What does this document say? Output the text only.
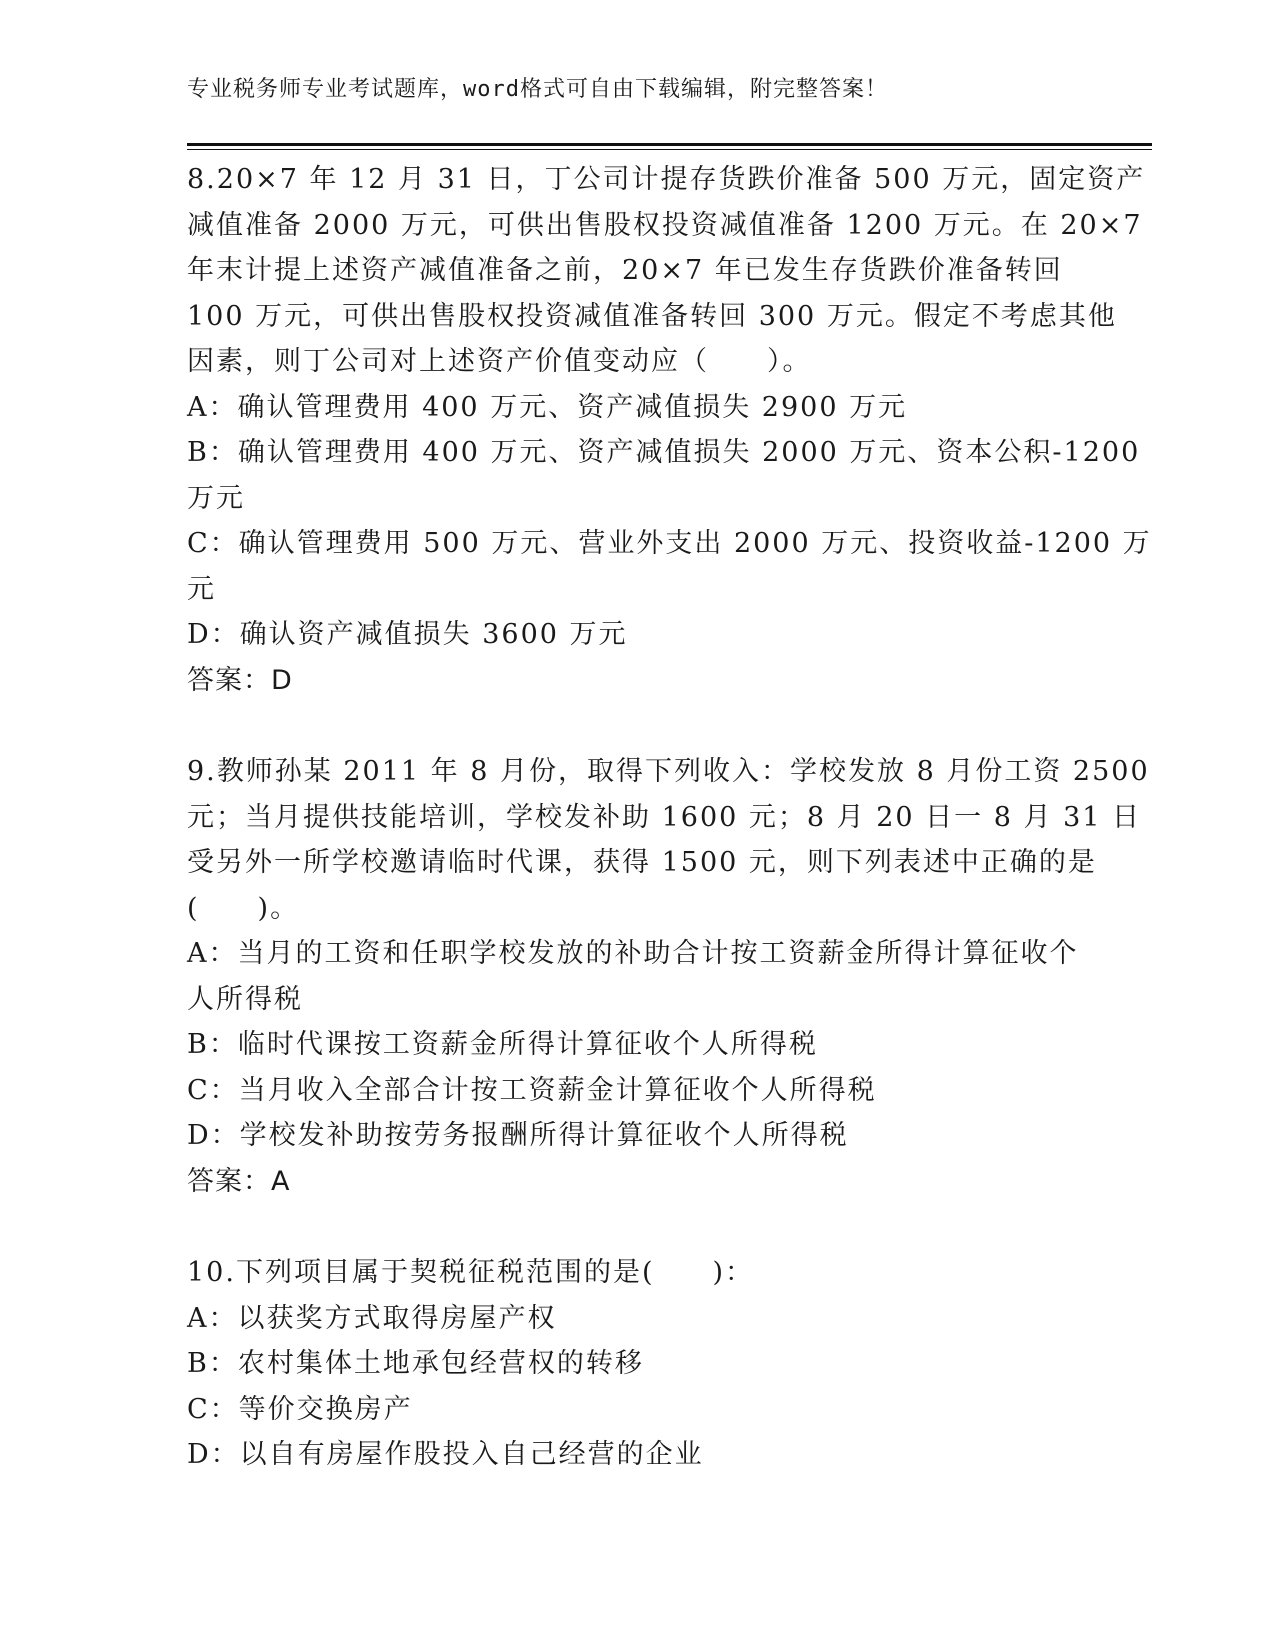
专业税务师专业考试题库，word格式可自由下载编辑，附完整答案！
8.20×7 年 12 月 31 日，丁公司计提存货跌价准备 500 万元，固定资产
减值准备 2000 万元，可供出售股权投资减值准备 1200 万元。在 20×7
年末计提上述资产减值准备之前，20×7 年已发生存货跌价准备转回
100 万元，可供出售股权投资减值准备转回 300 万元。假定不考虑其他
因素，则丁公司对上述资产价值变动应（　　）。
A：确认管理费用 400 万元、资产减值损失 2900 万元
B：确认管理费用 400 万元、资产减值损失 2000 万元、资本公积-1200
万元
C：确认管理费用 500 万元、营业外支出 2000 万元、投资收益-1200 万
元
D：确认资产减值损失 3600 万元
答案：D
9.教师孙某 2011 年 8 月份，取得下列收入：学校发放 8 月份工资 2500
元；当月提供技能培训，学校发补助 1600 元；8 月 20 日一 8 月 31 日
受另外一所学校邀请临时代课，获得 1500 元，则下列表述中正确的是
(　　)。
A：当月的工资和任职学校发放的补助合计按工资薪金所得计算征收个
人所得税
B：临时代课按工资薪金所得计算征收个人所得税
C：当月收入全部合计按工资薪金计算征收个人所得税
D：学校发补助按劳务报酬所得计算征收个人所得税
答案：A
10.下列项目属于契税征税范围的是(　　)：
A：以获奖方式取得房屋产权
B：农村集体土地承包经营权的转移
C：等价交换房产
D：以自有房屋作股投入自己经营的企业
